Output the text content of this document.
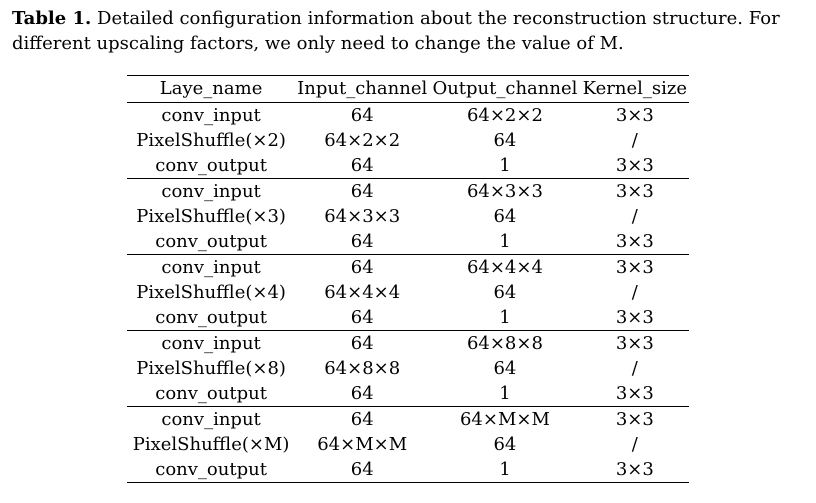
Table 1. Detailed configuration information about the reconstruction structure. For different upscaling factors, we only need to change the value of M.
Laye_name	Input_channel	Output_channel	Kernel_size
conv_input	64	64×2×2	3×3
PixelShuffle(×2)	64×2×2	64	/
conv_output	64	1	3×3
conv_input	64	64×3×3	3×3
PixelShuffle(×3)	64×3×3	64	/
conv_output	64	1	3×3
conv_input	64	64×4×4	3×3
PixelShuffle(×4)	64×4×4	64	/
conv_output	64	1	3×3
conv_input	64	64×8×8	3×3
PixelShuffle(×8)	64×8×8	64	/
conv_output	64	1	3×3
conv_input	64	64×M×M	3×3
PixelShuffle(×M)	64×M×M	64	/
conv_output	64	1	3×3
